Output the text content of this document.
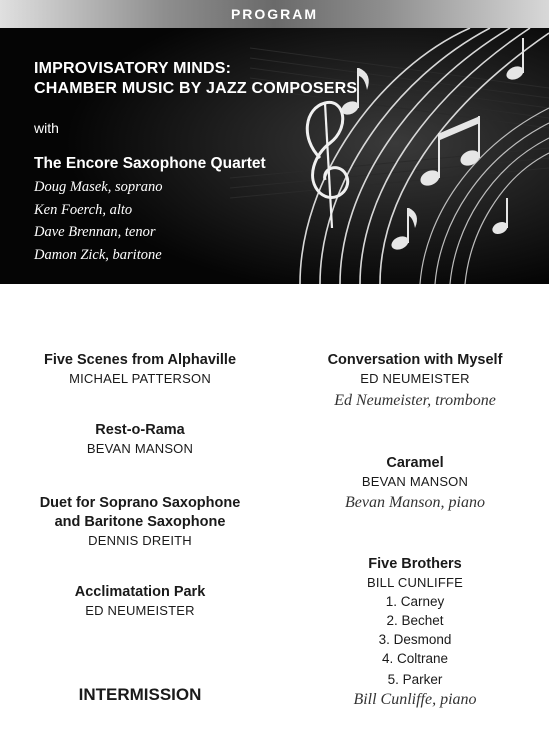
PROGRAM
IMPROVISATORY MINDS:
CHAMBER MUSIC BY JAZZ COMPOSERS
with
The Encore Saxophone Quartet
Doug Masek, soprano
Ken Foerch, alto
Dave Brennan, tenor
Damon Zick, baritone
Five Scenes from Alphaville
MICHAEL PATTERSON
Rest-o-Rama
BEVAN MANSON
Duet for Soprano Saxophone
and Baritone Saxophone
DENNIS DREITH
Acclimatation Park
ED NEUMEISTER
INTERMISSION
Conversation with Myself
ED NEUMEISTER
Ed Neumeister, trombone
Caramel
BEVAN MANSON
Bevan Manson, piano
Five Brothers
BILL CUNLIFFE
1. Carney
2. Bechet
3. Desmond
4. Coltrane
5. Parker
Bill Cunliffe, piano
